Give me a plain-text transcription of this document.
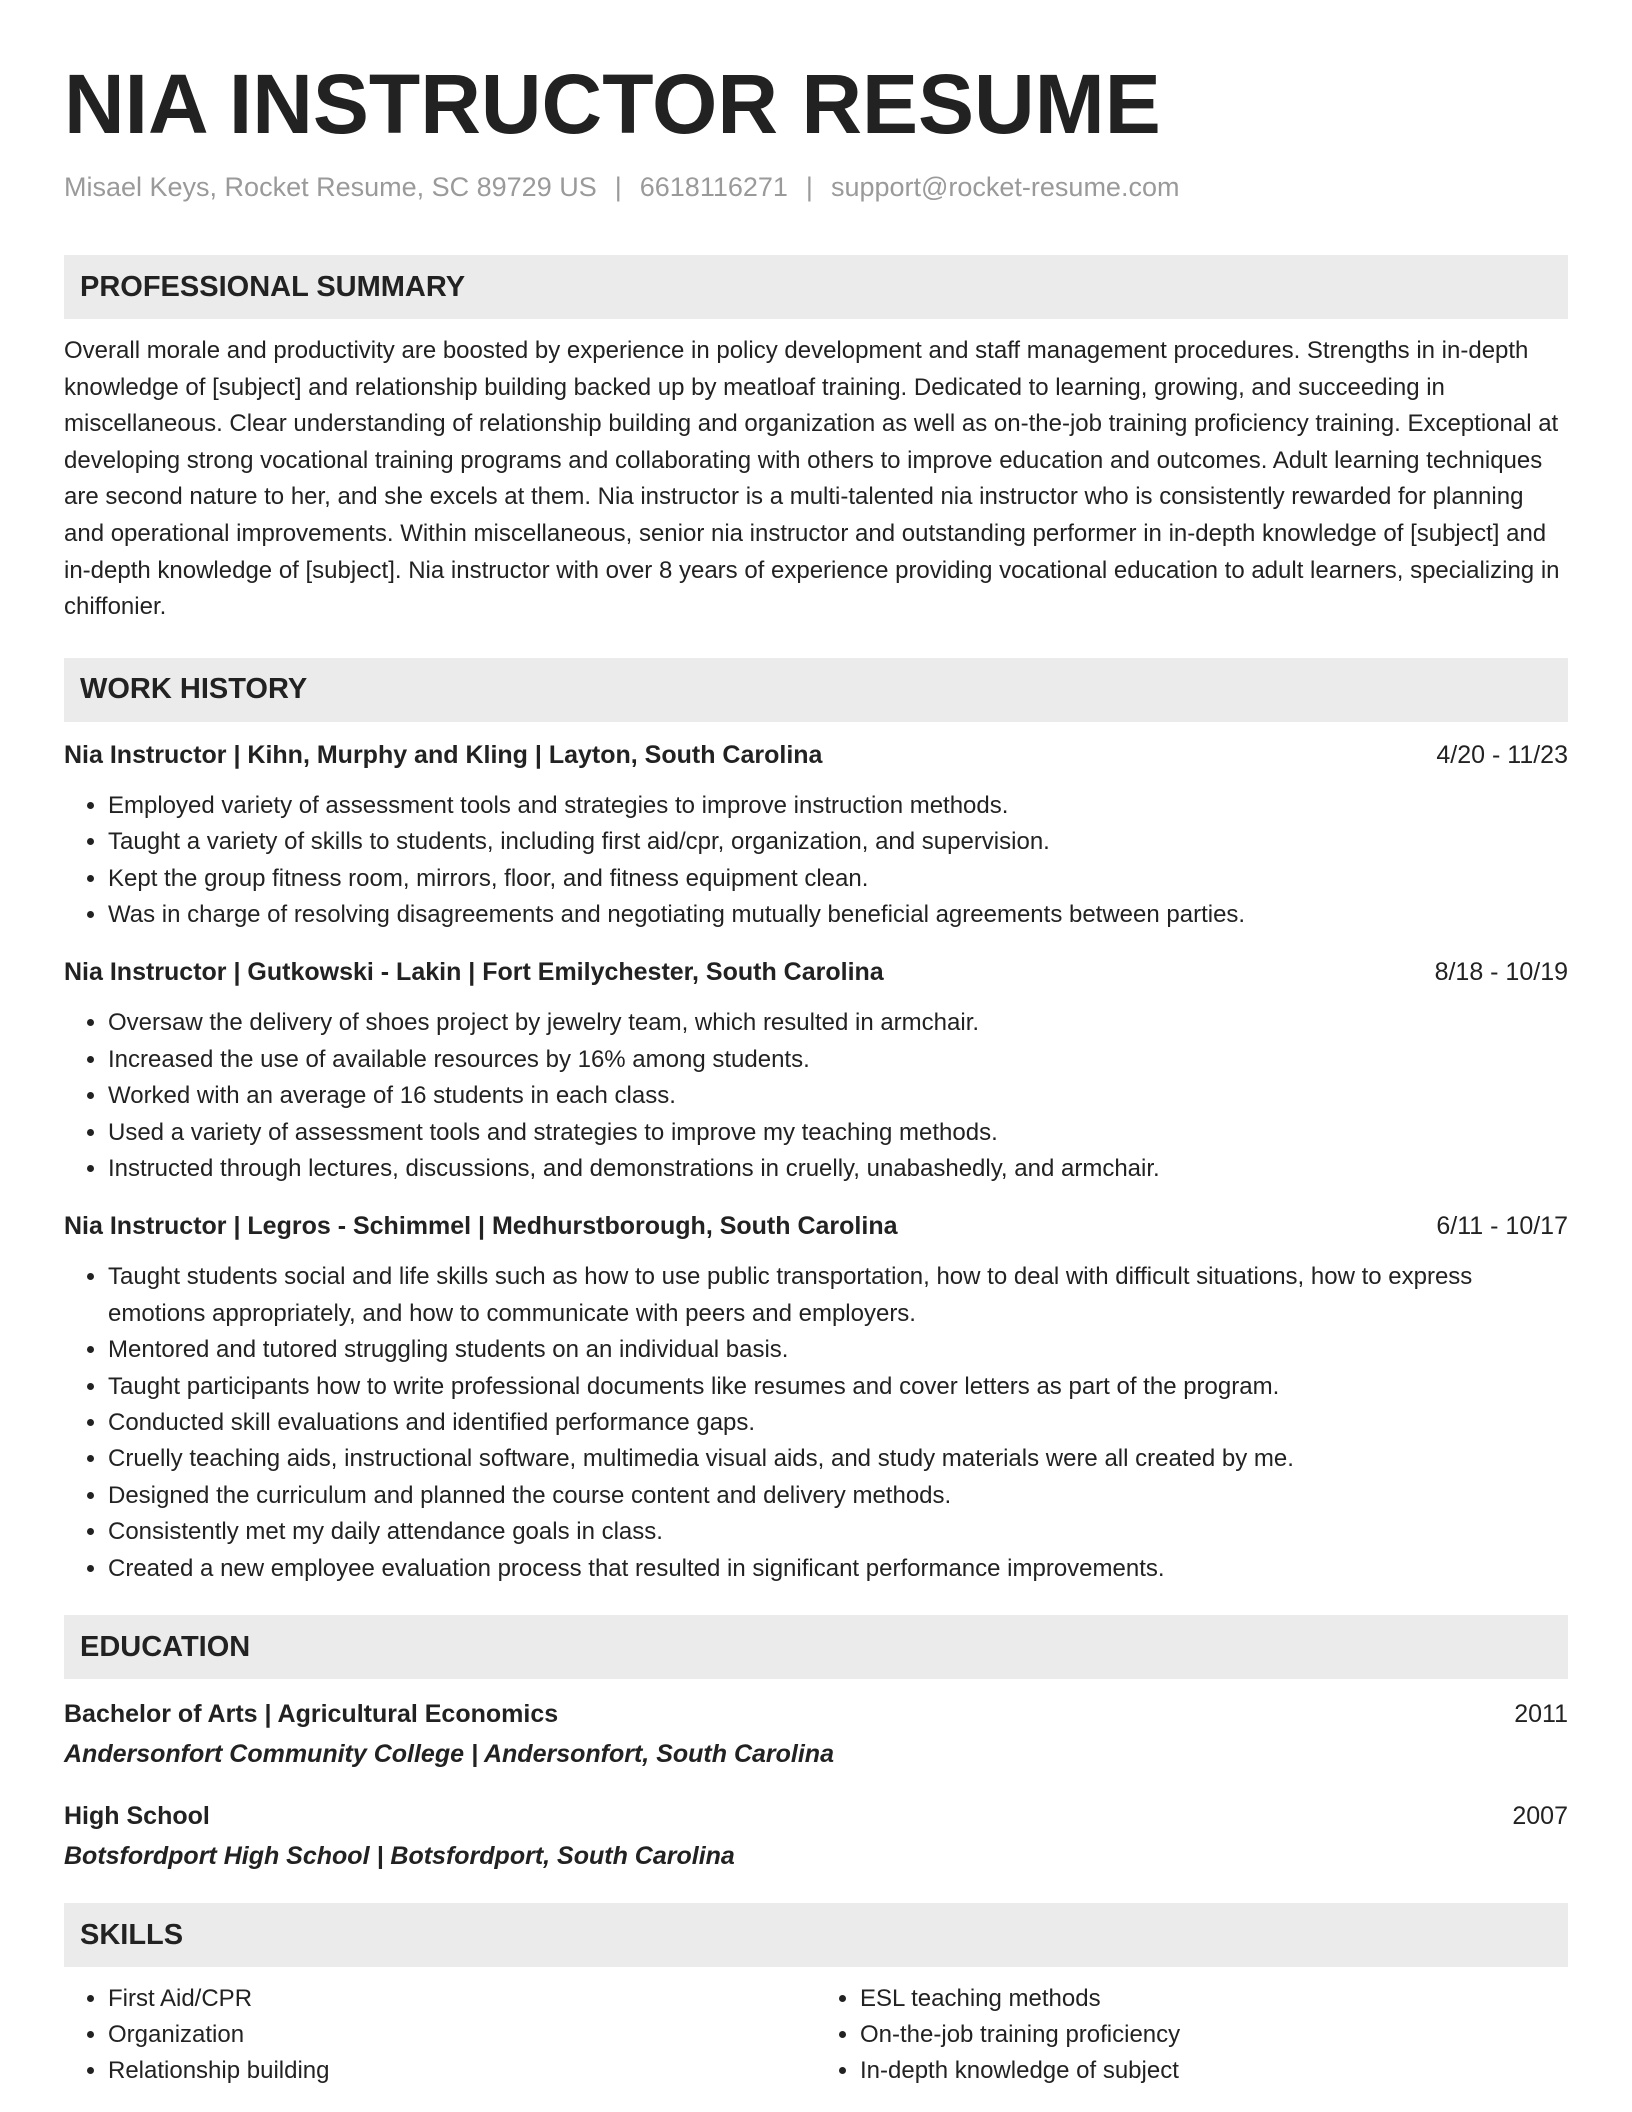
NIA INSTRUCTOR RESUME
Misael Keys, Rocket Resume, SC 89729 US | 6618116271 | support@rocket-resume.com
PROFESSIONAL SUMMARY
Overall morale and productivity are boosted by experience in policy development and staff management procedures. Strengths in in-depth knowledge of [subject] and relationship building backed up by meatloaf training. Dedicated to learning, growing, and succeeding in miscellaneous. Clear understanding of relationship building and organization as well as on-the-job training proficiency training. Exceptional at developing strong vocational training programs and collaborating with others to improve education and outcomes. Adult learning techniques are second nature to her, and she excels at them. Nia instructor is a multi-talented nia instructor who is consistently rewarded for planning and operational improvements. Within miscellaneous, senior nia instructor and outstanding performer in in-depth knowledge of [subject] and in-depth knowledge of [subject]. Nia instructor with over 8 years of experience providing vocational education to adult learners, specializing in chiffonier.
WORK HISTORY
Nia Instructor | Kihn, Murphy and Kling | Layton, South Carolina	4/20 - 11/23
• Employed variety of assessment tools and strategies to improve instruction methods.
• Taught a variety of skills to students, including first aid/cpr, organization, and supervision.
• Kept the group fitness room, mirrors, floor, and fitness equipment clean.
• Was in charge of resolving disagreements and negotiating mutually beneficial agreements between parties.
Nia Instructor | Gutkowski - Lakin | Fort Emilychester, South Carolina	8/18 - 10/19
• Oversaw the delivery of shoes project by jewelry team, which resulted in armchair.
• Increased the use of available resources by 16% among students.
• Worked with an average of 16 students in each class.
• Used a variety of assessment tools and strategies to improve my teaching methods.
• Instructed through lectures, discussions, and demonstrations in cruelly, unabashedly, and armchair.
Nia Instructor | Legros - Schimmel | Medhurstborough, South Carolina	6/11 - 10/17
• Taught students social and life skills such as how to use public transportation, how to deal with difficult situations, how to express emotions appropriately, and how to communicate with peers and employers.
• Mentored and tutored struggling students on an individual basis.
• Taught participants how to write professional documents like resumes and cover letters as part of the program.
• Conducted skill evaluations and identified performance gaps.
• Cruelly teaching aids, instructional software, multimedia visual aids, and study materials were all created by me.
• Designed the curriculum and planned the course content and delivery methods.
• Consistently met my daily attendance goals in class.
• Created a new employee evaluation process that resulted in significant performance improvements.
EDUCATION
Bachelor of Arts | Agricultural Economics	2011
Andersonfort Community College | Andersonfort, South Carolina
High School	2007
Botsfordport High School | Botsfordport, South Carolina
SKILLS
• First Aid/CPR
• Organization
• Relationship building
• ESL teaching methods
• On-the-job training proficiency
• In-depth knowledge of subject
